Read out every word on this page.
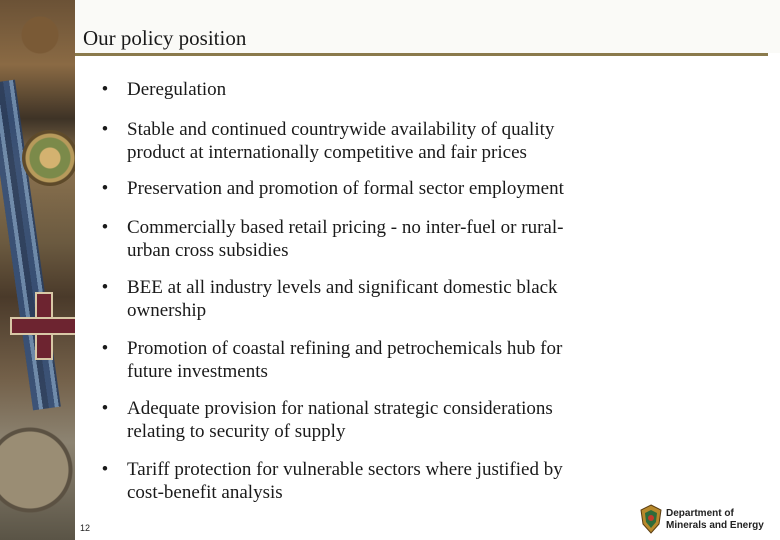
Our policy position
• Deregulation
• Stable and continued countrywide availability of quality
product at internationally competitive and fair prices
• Preservation and promotion of formal sector employment
• Commercially based retail pricing - no inter-fuel or rural-
urban cross subsidies
• BEE at all industry levels and significant domestic black
ownership
• Promotion of coastal refining and petrochemicals hub for
future investments
• Adequate provision for national strategic considerations
relating to security of supply
• Tariff protection for vulnerable sectors where justified by
cost-benefit analysis
12
Department of
Minerals and Energy
